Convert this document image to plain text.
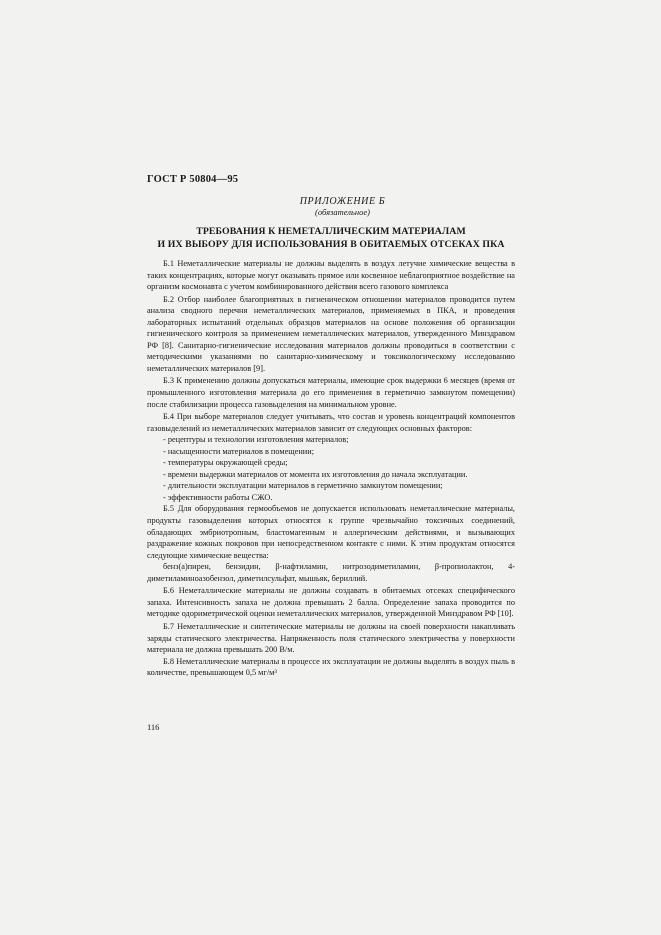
ГОСТ Р 50804—95
ПРИЛОЖЕНИЕ Б
(обязательное)
ТРЕБОВАНИЯ К НЕМЕТАЛЛИЧЕСКИМ МАТЕРИАЛАМ
И ИХ ВЫБОРУ ДЛЯ ИСПОЛЬЗОВАНИЯ В ОБИТАЕМЫХ ОТСЕКАХ ПКА

Б.1 Неметаллические материалы не должны выделять в воздух летучие химические вещества в таких концентрациях, которые могут оказывать прямое или косвенное неблагоприятное воздействие на организм космонавта с учетом комбинированного действия всего газового комплекса

Б.2 Отбор наиболее благоприятных в гигиеническом отношении материалов проводится путем анализа сводного перечня неметаллических материалов, применяемых в ПКА, и проведения лабораторных испытаний отдельных образцов материалов на основе положения об организации гигиенического контроля за применением неметаллических материалов, утвержденного Минздравом РФ [8]. Санитарно-гигиенические исследования материалов должны проводиться в соответствии с методическими указаниями по санитарно-химическому и токсикологическому исследованию неметаллических материалов [9].

Б.3 К применению должны допускаться материалы, имеющие срок выдержки 6 месяцев (время от промышленного изготовления материала до его применения в герметично замкнутом помещении) после стабилизации процесса газовыделения на минимальном уровне.

Б.4 При выборе материалов следует учитывать, что состав и уровень концентраций компонентов газовыделений из неметаллических материалов зависит от следующих основных факторов:

- рецептуры и технологии изготовления материалов;

- насыщенности материалов в помещении;

- температуры окружающей среды;

- времени выдержки материалов от момента их изготовления до начала эксплуатации.

- длительности эксплуатации материалов в герметично замкнутом помещении;

- эффективности работы СЖО.

Б.5 Для оборудования гермообъемов не допускается использовать неметаллические материалы, продукты газовыделения которых относятся к группе чрезвычайно токсичных соединений, обладающих эмбриотропным, бластомагенным и аллергическим действиями, и вызывающих раздражение кожных покровов при непосредственном контакте с ними. К этим продуктам относятся следующие химические вещества:

бенз(а)пирен, бензидин, β-нафтиламин, нитрозодиметиламин, β-пропиолактон, 4-диметиламиноазобензол, диметилсульфат, мышьяк, бериллий.

Б.6 Неметаллические материалы не должны создавать в обитаемых отсеках специфического запаха. Интенсивность запаха не должна превышать 2 балла. Определение запаха проводится по методике одориметрической оценки неметаллических материалов, утвержденной Минздравом РФ [10].

Б.7 Неметаллические и синтетические материалы не должны на своей поверхности накапливать заряды статического электричества. Напряженность поля статического электричества у поверхности материала не должна превышать 200 В/м.

Б.8 Неметаллические материалы в процессе их эксплуатации не должны выделять в воздух пыль в количестве, превышающем 0,5 мг/м³

116
